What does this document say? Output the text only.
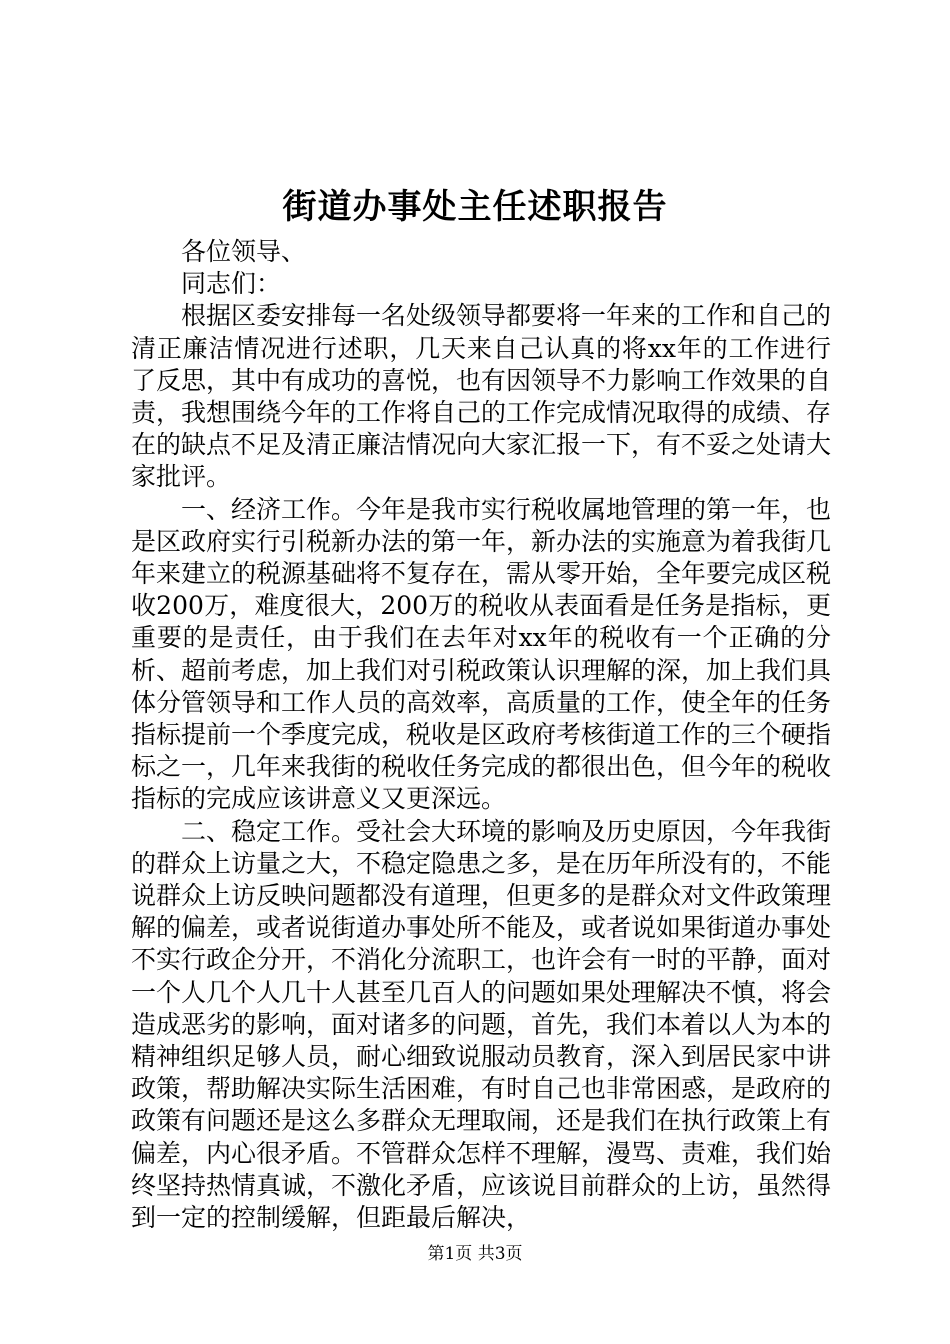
街道办事处主任述职报告

各位领导、

同志们：

根据区委安排每一名处级领导都要将一年来的工作和自己的清正廉洁情况进行述职，几天来自己认真的将xx年的工作进行了反思，其中有成功的喜悦，也有因领导不力影响工作效果的自责，我想围绕今年的工作将自己的工作完成情况取得的成绩、存在的缺点不足及清正廉洁情况向大家汇报一下，有不妥之处请大家批评。

一、经济工作。今年是我市实行税收属地管理的第一年，也是区政府实行引税新办法的第一年，新办法的实施意为着我街几年来建立的税源基础将不复存在，需从零开始，全年要完成区税收200万，难度很大，200万的税收从表面看是任务是指标，更重要的是责任，由于我们在去年对xx年的税收有一个正确的分析、超前考虑，加上我们对引税政策认识理解的深，加上我们具体分管领导和工作人员的高效率，高质量的工作，使全年的任务指标提前一个季度完成，税收是区政府考核街道工作的三个硬指标之一，几年来我街的税收任务完成的都很出色，但今年的税收指标的完成应该讲意义又更深远。

二、稳定工作。受社会大环境的影响及历史原因，今年我街的群众上访量之大，不稳定隐患之多，是在历年所没有的，不能说群众上访反映问题都没有道理，但更多的是群众对文件政策理解的偏差，或者说街道办事处所不能及，或者说如果街道办事处不实行政企分开，不消化分流职工，也许会有一时的平静，面对一个人几个人几十人甚至几百人的问题如果处理解决不慎，将会造成恶劣的影响，面对诸多的问题，首先，我们本着以人为本的精神组织足够人员，耐心细致说服动员教育，深入到居民家中讲政策，帮助解决实际生活困难，有时自己也非常困惑，是政府的政策有问题还是这么多群众无理取闹，还是我们在执行政策上有偏差，内心很矛盾。不管群众怎样不理解，漫骂、责难，我们始终坚持热情真诚，不激化矛盾，应该说目前群众的上访，虽然得到一定的控制缓解，但距最后解决，

第1页 共3页
